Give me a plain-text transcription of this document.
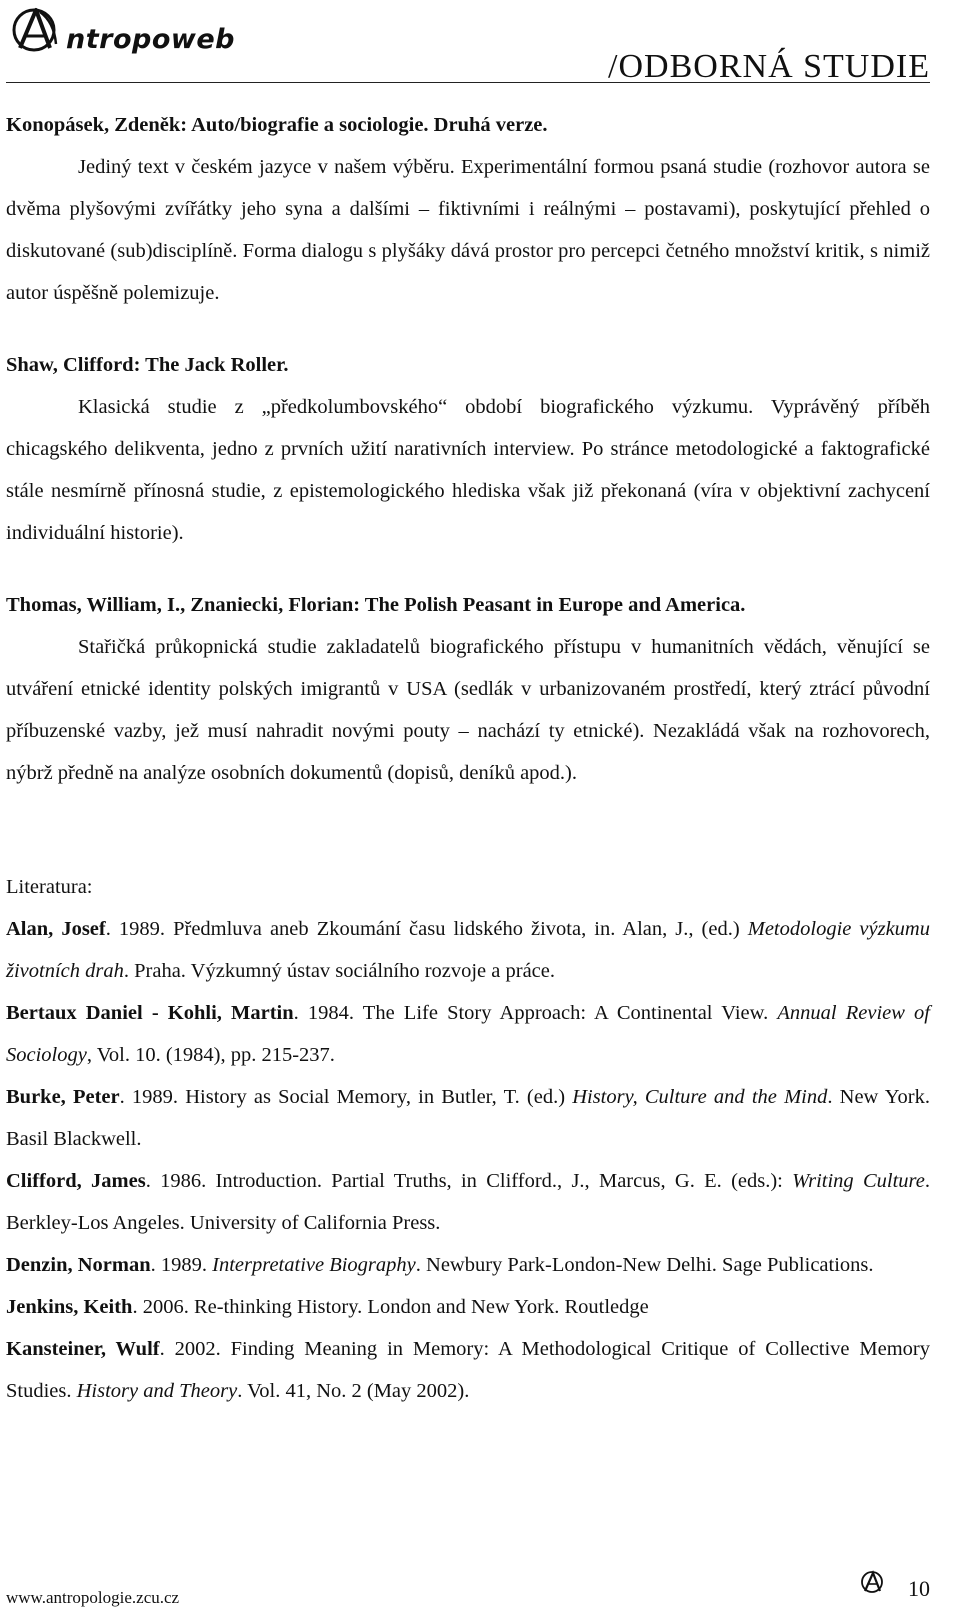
ntropoweb
/ODBORNÁ STUDIE

Konopásek, Zdeněk: Auto/biografie a sociologie. Druhá verze.

Jediný text v českém jazyce v našem výběru. Experimentální formou psaná studie (rozhovor autora se dvěma plyšovými zvířátky jeho syna a dalšími – fiktivními i reálnými – postavami), poskytující přehled o diskutované (sub)disciplíně. Forma dialogu s plyšáky dává prostor pro percepci četného množství kritik, s nimiž autor úspěšně polemizuje.

Shaw, Clifford: The Jack Roller.

Klasická studie z „předkolumbovského“ období biografického výzkumu. Vyprávěný příběh chicagského delikventa, jedno z prvních užití narativních interview. Po stránce metodologické a faktografické stále nesmírně přínosná studie, z epistemologického hlediska však již překonaná (víra v objektivní zachycení individuální historie).

Thomas, William, I., Znaniecki, Florian: The Polish Peasant in Europe and America.

Stařičká průkopnická studie zakladatelů biografického přístupu v humanitních vědách, věnující se utváření etnické identity polských imigrantů v USA (sedlák v urbanizovaném prostředí, který ztrácí původní příbuzenské vazby, jež musí nahradit novými pouty – nachází ty etnické). Nezakládá však na rozhovorech, nýbrž předně na analýze osobních dokumentů (dopisů, deníků apod.).

Literatura:

Alan, Josef. 1989. Předmluva aneb Zkoumání času lidského života, in. Alan, J., (ed.) Metodologie výzkumu životních drah. Praha. Výzkumný ústav sociálního rozvoje a práce.

Bertaux Daniel - Kohli, Martin. 1984. The Life Story Approach: A Continental View. Annual Review of Sociology, Vol. 10. (1984), pp. 215-237.

Burke, Peter. 1989. History as Social Memory, in Butler, T. (ed.) History, Culture and the Mind. New York. Basil Blackwell.

Clifford, James. 1986. Introduction. Partial Truths, in Clifford., J., Marcus, G. E. (eds.): Writing Culture. Berkley-Los Angeles. University of California Press.

Denzin, Norman. 1989. Interpretative Biography. Newbury Park-London-New Delhi. Sage Publications.

Jenkins, Keith. 2006. Re-thinking History. London and New York. Routledge

Kansteiner, Wulf. 2002. Finding Meaning in Memory: A Methodological Critique of Collective Memory Studies. History and Theory. Vol. 41, No. 2 (May 2002).

www.antropologie.zcu.cz	10
